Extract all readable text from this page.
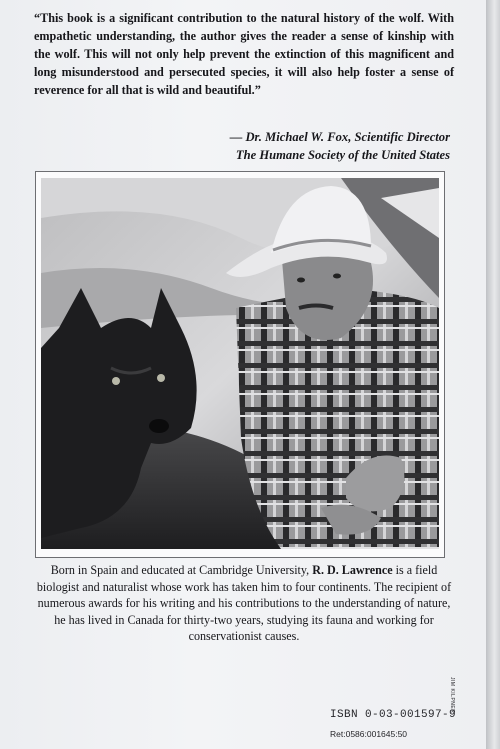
“This book is a significant contribution to the natural history of the wolf. With empathetic understanding, the author gives the reader a sense of kinship with the wolf. This will not only help prevent the extinction of this magnificent and long misunderstood and persecuted species, it will also help foster a sense of reverence for all that is wild and beautiful.”

— Dr. Michael W. Fox, Scientific Director
The Humane Society of the United States
JIM KILPNER

Born in Spain and educated at Cambridge University, R. D. Lawrence is a field biologist and naturalist whose work has taken him to four continents. The recipient of numerous awards for his writing and his contributions to the understanding of nature, he has lived in Canada for thirty-two years, studying its fauna and working for conservationist causes.

ISBN 0-03-001597-9
Ret:0586:001645:50
